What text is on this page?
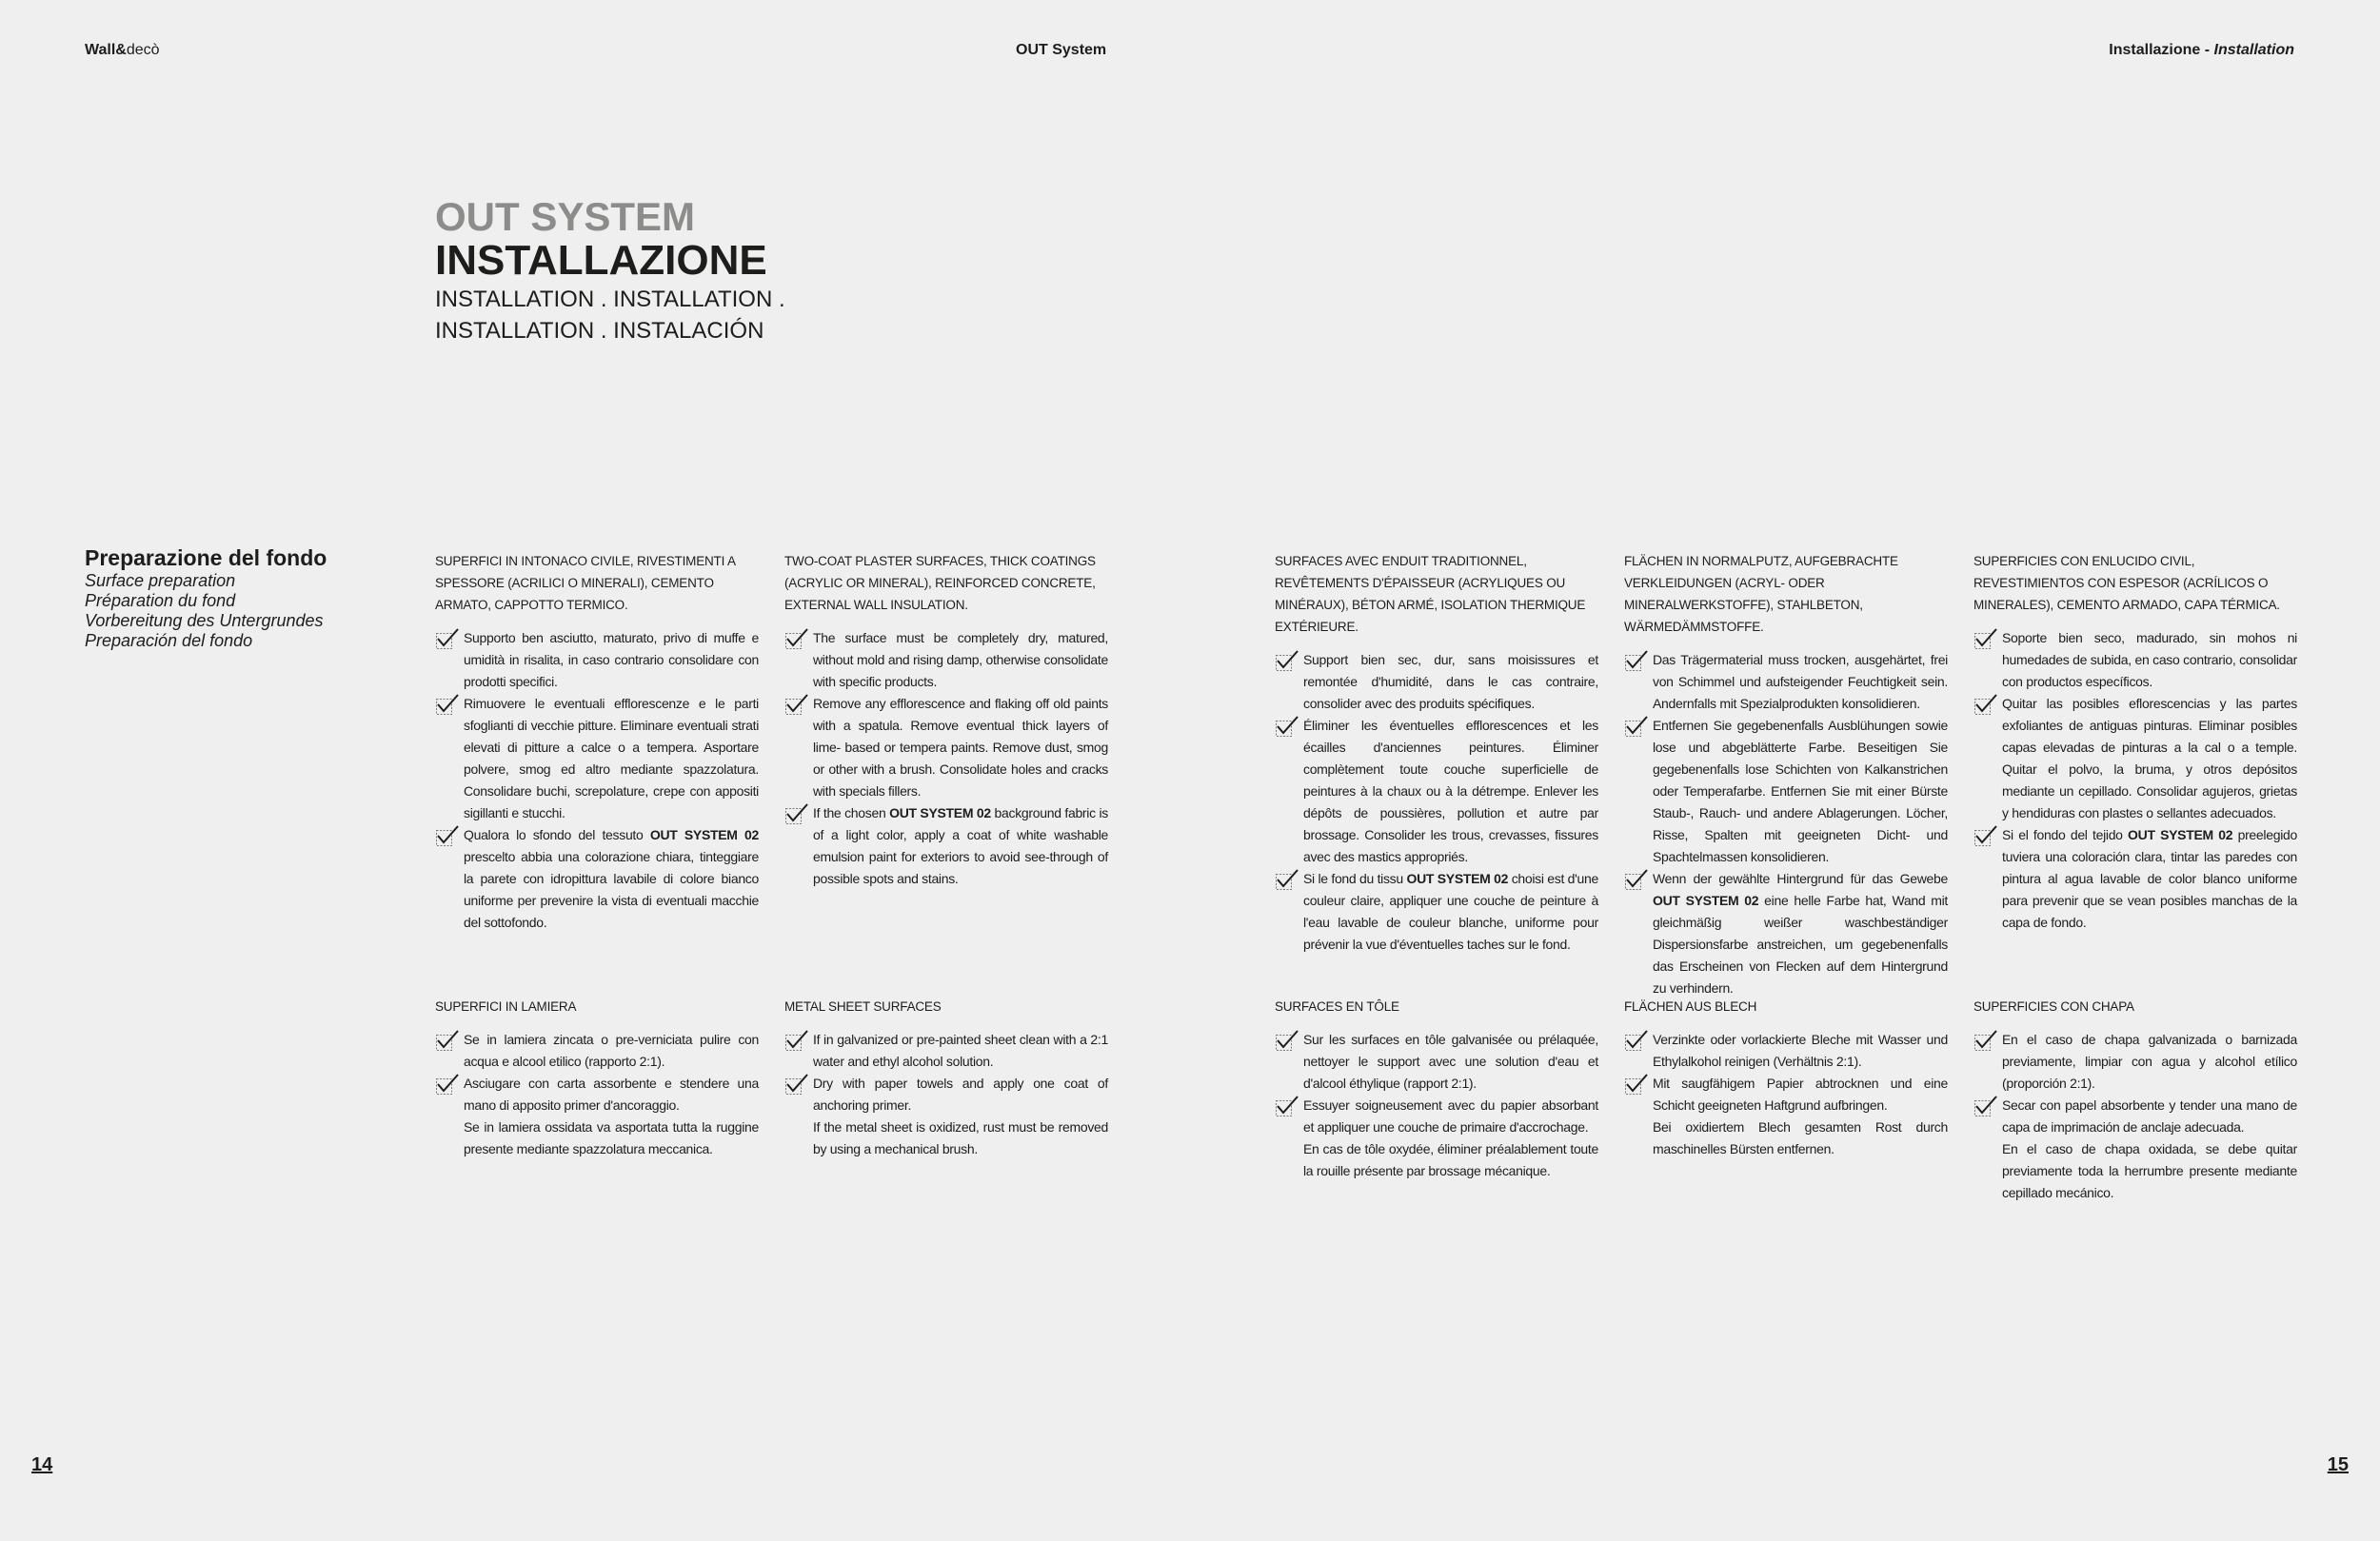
Wall&decò	OUT System	Installazione - Installation
OUT SYSTEM
INSTALLAZIONE
INSTALLATION . INSTALLATION .
INSTALLATION . INSTALACIÓN
Preparazione del fondo
Surface preparation
Préparation du fond
Vorbereitung des Untergrundes
Preparación del fondo
SUPERFICI IN INTONACO CIVILE, RIVESTIMENTI A SPESSORE (ACRILICI O MINERALI), CEMENTO ARMATO, CAPPOTTO TERMICO.
Supporto ben asciutto, maturato, privo di muffe e umidità in risalita, in caso contrario consolidare con prodotti specifici.
Rimuovere le eventuali efflorescenze e le parti sfoglianti di vecchie pitture. Eliminare eventuali strati elevati di pitture a calce o a tempera. Asportare polvere, smog ed altro mediante spazzolatura. Consolidare buchi, screpolature, crepe con appositi sigillanti e stucchi.
Qualora lo sfondo del tessuto OUT SYSTEM 02 prescelto abbia una colorazione chiara, tinteggiare la parete con idropittura lavabile di colore bianco uniforme per prevenire la vista di eventuali macchie del sottofondo.
SUPERFICI IN LAMIERA
Se in lamiera zincata o pre-verniciata pulire con acqua e alcool etilico (rapporto 2:1).
Asciugare con carta assorbente e stendere una mano di apposito primer d'ancoraggio.
Se in lamiera ossidata va asportata tutta la ruggine presente mediante spazzolatura meccanica.
TWO-COAT PLASTER SURFACES, THICK COATINGS (ACRYLIC OR MINERAL), REINFORCED CONCRETE, EXTERNAL WALL INSULATION.
The surface must be completely dry, matured, without mold and rising damp, otherwise consolidate with specific products.
Remove any efflorescence and flaking off old paints with a spatula. Remove eventual thick layers of lime- based or tempera paints. Remove dust, smog or other with a brush. Consolidate holes and cracks with specials fillers.
If the chosen OUT SYSTEM 02 background fabric is of a light color, apply a coat of white washable emulsion paint for exteriors to avoid see-through of possible spots and stains.
METAL SHEET SURFACES
If in galvanized or pre-painted sheet clean with a 2:1 water and ethyl alcohol solution.
Dry with paper towels and apply one coat of anchoring primer.
If the metal sheet is oxidized, rust must be removed by using a mechanical brush.
SURFACES AVEC ENDUIT TRADITIONNEL, REVÊTEMENTS D'ÉPAISSEUR (ACRYLIQUES OU MINÉRAUX), BÉTON ARMÉ, ISOLATION THERMIQUE EXTÉRIEURE.
Support bien sec, dur, sans moisissures et remontée d'humidité, dans le cas contraire, consolider avec des produits spécifiques.
Éliminer les éventuelles efflorescences et les écailles d'anciennes peintures. Éliminer complètement toute couche superficielle de peintures à la chaux ou à la détrempe. Enlever les dépôts de poussières, pollution et autre par brossage. Consolider les trous, crevasses, fissures avec des mastics appropriés.
Si le fond du tissu OUT SYSTEM 02 choisi est d'une couleur claire, appliquer une couche de peinture à l'eau lavable de couleur blanche, uniforme pour prévenir la vue d'éventuelles taches sur le fond.
SURFACES EN TÔLE
Sur les surfaces en tôle galvanisée ou prélaquée, nettoyer le support avec une solution d'eau et d'alcool éthylique (rapport 2:1).
Essuyer soigneusement avec du papier absorbant et appliquer une couche de primaire d'accrochage.
En cas de tôle oxydée, éliminer préalablement toute la rouille présente par brossage mécanique.
FLÄCHEN IN NORMALPUTZ, AUFGEBRACHTE VERKLEIDUNGEN (ACRYL- ODER MINERALWERKSTOFFE), STAHLBETON, WÄRMEDÄMMSTOFFE.
Das Trägermaterial muss trocken, ausgehärtet, frei von Schimmel und aufsteigender Feuchtigkeit sein. Andernfalls mit Spezialprodukten konsolidieren.
Entfernen Sie gegebenenfalls Ausblühungen sowie lose und abgeblätterte Farbe. Beseitigen Sie gegebenenfalls lose Schichten von Kalkanstrichen oder Temperafarbe. Entfernen Sie mit einer Bürste Staub-, Rauch- und andere Ablagerungen. Löcher, Risse, Spalten mit geeigneten Dicht- und Spachtelmassen konsolidieren.
Wenn der gewählte Hintergrund für das Gewebe OUT SYSTEM 02 eine helle Farbe hat, Wand mit gleichmäßig weißer waschbeständiger Dispersionsfarbe anstreichen, um gegebenenfalls das Erscheinen von Flecken auf dem Hintergrund zu verhindern.
FLÄCHEN AUS BLECH
Verzinkte oder vorlackierte Bleche mit Wasser und Ethylalkohol reinigen (Verhältnis 2:1).
Mit saugfähigem Papier abtrocknen und eine Schicht geeigneten Haftgrund aufbringen.
Bei oxidiertem Blech gesamten Rost durch maschinelles Bürsten entfernen.
SUPERFICIES CON ENLUCIDO CIVIL, REVESTIMIENTOS CON ESPESOR (ACRÍLICOS O MINERALES), CEMENTO ARMADO, CAPA TÉRMICA.
Soporte bien seco, madurado, sin mohos ni humedades de subida, en caso contrario, consolidar con productos específicos.
Quitar las posibles eflorescencias y las partes exfoliantes de antiguas pinturas. Eliminar posibles capas elevadas de pinturas a la cal o a temple. Quitar el polvo, la bruma, y otros depósitos mediante un cepillado. Consolidar agujeros, grietas y hendiduras con plastes o sellantes adecuados.
Si el fondo del tejido OUT SYSTEM 02 preelegido tuviera una coloración clara, tintar las paredes con pintura al agua lavable de color blanco uniforme para prevenir que se vean posibles manchas de la capa de fondo.
SUPERFICIES CON CHAPA
En el caso de chapa galvanizada o barnizada previamente, limpiar con agua y alcohol etílico (proporción 2:1).
Secar con papel absorbente y tender una mano de capa de imprimación de anclaje adecuada.
En el caso de chapa oxidada, se debe quitar previamente toda la herrumbre presente mediante cepillado mecánico.
14	15
